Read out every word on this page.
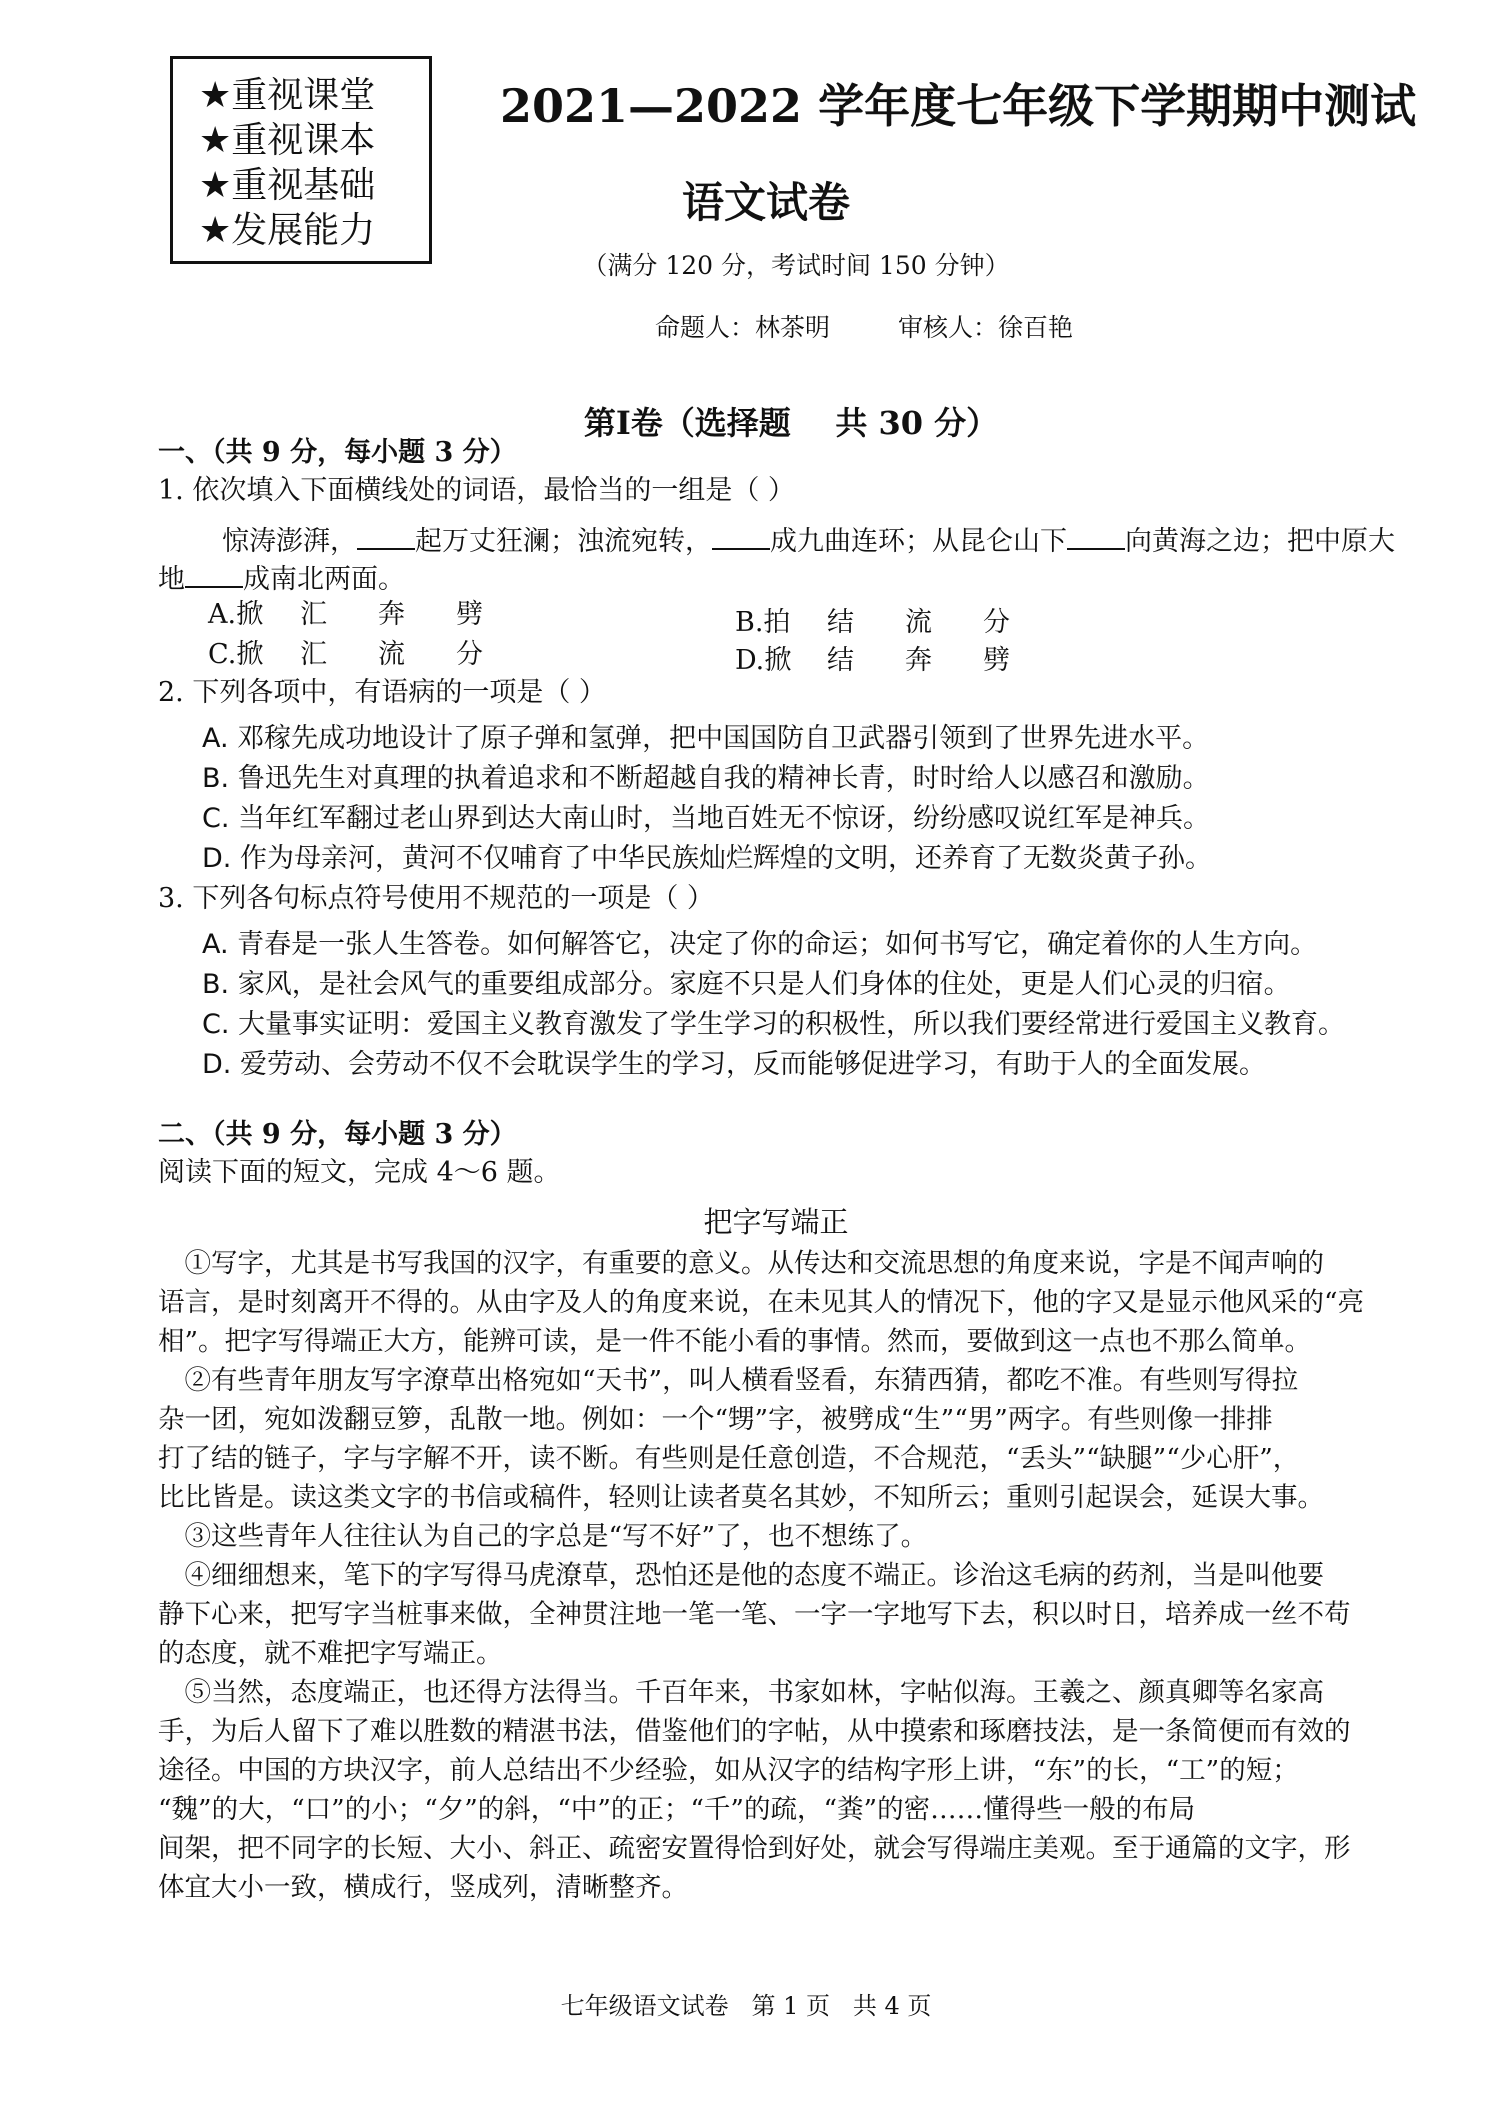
★重视课堂
★重视课本
★重视基础
★发展能力
2021—2022 学年度七年级下学期期中测试
语文试卷
（满分 120 分，考试时间 150 分钟）
命题人：林茶明	审核人：徐百艳
第Ⅰ卷（选择题    共 30 分）
一、（共 9 分，每小题 3 分）
1. 依次填入下面横线处的词语，最恰当的一组是（ ）
惊涛澎湃， 起万丈狂澜；浊流宛转， 成九曲连环；从昆仑山下 向黄海之边；把中原大
地 成南北两面。
A.掀 汇 奔 劈	B.拍 结 流 分
C.掀 汇 流 分	D.掀 结 奔 劈
2. 下列各项中，有语病的一项是（ ）
A. 邓稼先成功地设计了原子弹和氢弹，把中国国防自卫武器引领到了世界先进水平。
B. 鲁迅先生对真理的执着追求和不断超越自我的精神长青，时时给人以感召和激励。
C. 当年红军翻过老山界到达大南山时，当地百姓无不惊讶，纷纷感叹说红军是神兵。
D. 作为母亲河，黄河不仅哺育了中华民族灿烂辉煌的文明，还养育了无数炎黄子孙。
3. 下列各句标点符号使用不规范的一项是（ ）
A. 青春是一张人生答卷。如何解答它，决定了你的命运；如何书写它，确定着你的人生方向。
B. 家风，是社会风气的重要组成部分。家庭不只是人们身体的住处，更是人们心灵的归宿。
C. 大量事实证明：爱国主义教育激发了学生学习的积极性，所以我们要经常进行爱国主义教育。
D. 爱劳动、会劳动不仅不会耽误学生的学习，反而能够促进学习，有助于人的全面发展。
二、（共 9 分，每小题 3 分）
阅读下面的短文，完成 4～6 题。
把字写端正

　①写字，尤其是书写我国的汉字，有重要的意义。从传达和交流思想的角度来说，字是不闻声响的

语言，是时刻离开不得的。从由字及人的角度来说，在未见其人的情况下，他的字又是显示他风采的“亮

相”。把字写得端正大方，能辨可读，是一件不能小看的事情。然而，要做到这一点也不那么简单。

　②有些青年朋友写字潦草出格宛如“天书”，叫人横看竖看，东猜西猜，都吃不准。有些则写得拉

杂一团，宛如泼翻豆箩，乱散一地。例如：一个“甥”字，被劈成“生”“男”两字。有些则像一排排

打了结的链子，字与字解不开，读不断。有些则是任意创造，不合规范，“丢头”“缺腿”“少心肝”，

比比皆是。读这类文字的书信或稿件，轻则让读者莫名其妙，不知所云；重则引起误会，延误大事。

　③这些青年人往往认为自己的字总是“写不好”了，也不想练了。

　④细细想来，笔下的字写得马虎潦草，恐怕还是他的态度不端正。诊治这毛病的药剂，当是叫他要

静下心来，把写字当桩事来做，全神贯注地一笔一笔、一字一字地写下去，积以时日，培养成一丝不苟

的态度，就不难把字写端正。

　⑤当然，态度端正，也还得方法得当。千百年来，书家如林，字帖似海。王羲之、颜真卿等名家高

手，为后人留下了难以胜数的精湛书法，借鉴他们的字帖，从中摸索和琢磨技法，是一条简便而有效的

途径。中国的方块汉字，前人总结出不少经验，如从汉字的结构字形上讲，“东”的长，“工”的短；

“魏”的大，“口”的小；“夕”的斜，“中”的正；“千”的疏，“粪”的密……懂得些一般的布局

间架，把不同字的长短、大小、斜正、疏密安置得恰到好处，就会写得端庄美观。至于通篇的文字，形

体宜大小一致，横成行，竖成列，清晰整齐。

七年级语文试卷   第 1 页   共 4 页
